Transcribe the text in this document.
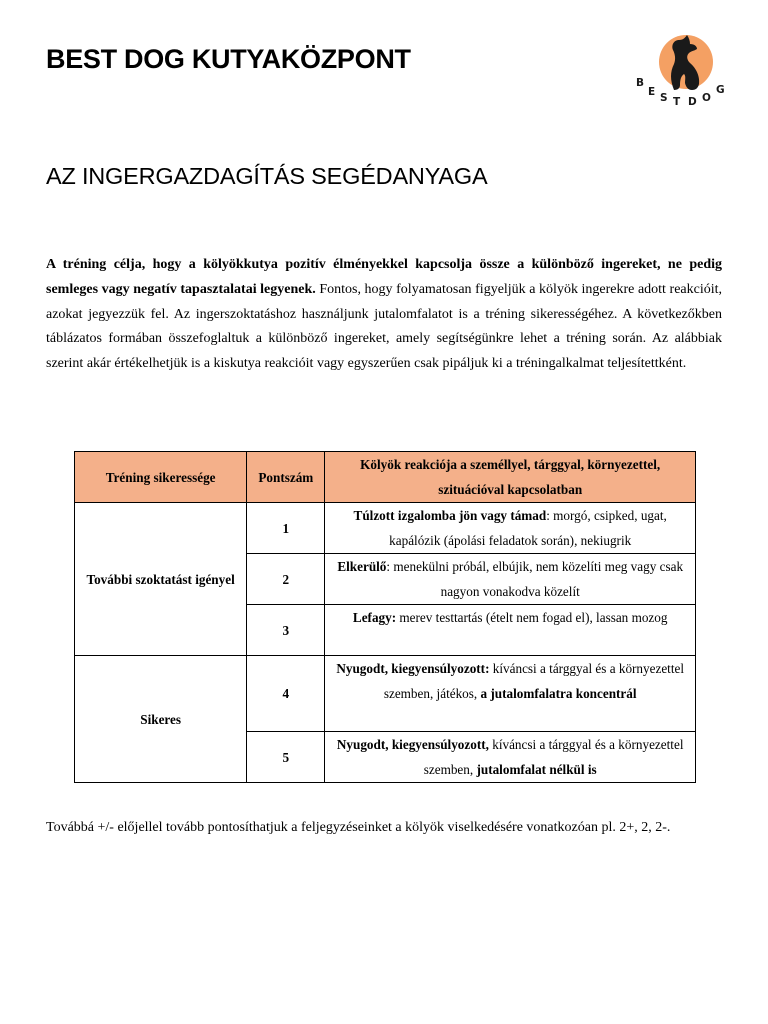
BEST DOG KUTYAKÖZPONT
B E S T D O G
AZ INGERGAZDAGÍTÁS SEGÉDANYAGA

A tréning célja, hogy a kölyökkutya pozitív élményekkel kapcsolja össze a különböző ingereket, ne pedig semleges vagy negatív tapasztalatai legyenek. Fontos, hogy folyamatosan figyeljük a kölyök ingerekre adott reakcióit, azokat jegyezzük fel. Az ingerszoktatáshoz használjunk jutalomfalatot is a tréning sikerességéhez. A következőkben táblázatos formában összefoglaltuk a különböző ingereket, amely segítségünkre lehet a tréning során. Az alábbiak szerint akár értékelhetjük is a kiskutya reakcióit vagy egyszerűen csak pipáljuk ki a tréningalkalmat teljesítettként.

Tréning sikeressége	Pontszám	Kölyök reakciója a személlyel, tárggyal, környezettel, szituációval kapcsolatban
További szoktatást igényel	1	Túlzott izgalomba jön vagy támad: morgó, csipked, ugat, kapálózik (ápolási feladatok során), nekiugrik
	2	Elkerülő: menekülni próbál, elbújik, nem közelíti meg vagy csak nagyon vonakodva közelít
	3	Lefagy: merev testtartás (ételt nem fogad el), lassan mozog
Sikeres	4	Nyugodt, kiegyensúlyozott: kíváncsi a tárggyal és a környezettel szemben, játékos, a jutalomfalatra koncentrál
	5	Nyugodt, kiegyensúlyozott, kíváncsi a tárggyal és a környezettel szemben, jutalomfalat nélkül is

Továbbá +/- előjellel tovább pontosíthatjuk a feljegyzéseinket a kölyök viselkedésére vonatkozóan pl. 2+, 2, 2-.
